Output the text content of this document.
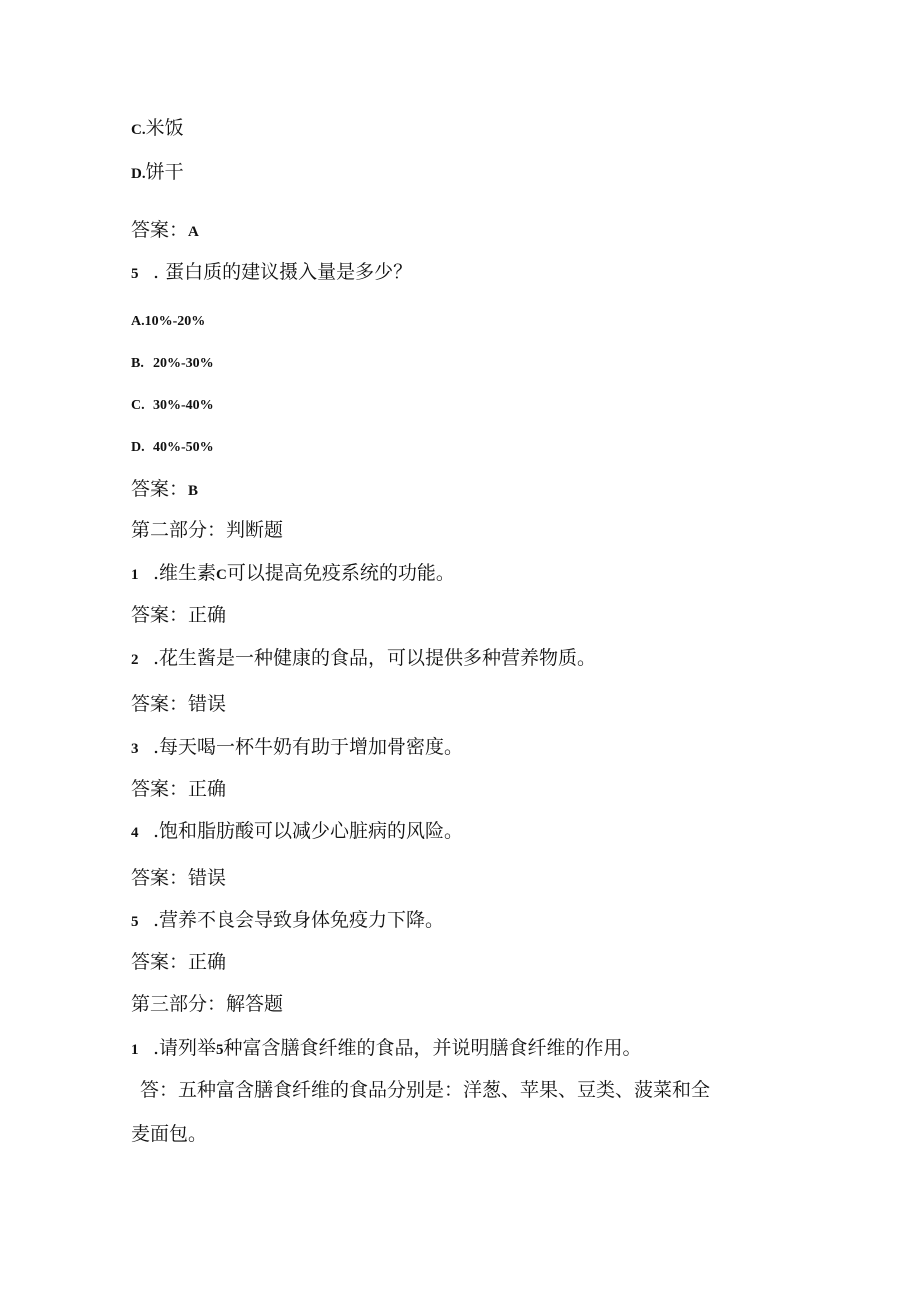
C.米饭
D.饼干
答案：A
5 . 蛋白质的建议摄入量是多少？
A.10%-20%
B. 20%-30%
C. 30%-40%
D. 40%-50%
答案：B
第二部分：判断题
1 .维生素C可以提高免疫系统的功能。
答案：正确
2 .花生酱是一种健康的食品，可以提供多种营养物质。
答案：错误
3 .每天喝一杯牛奶有助于增加骨密度。
答案：正确
4 .饱和脂肪酸可以减少心脏病的风险。
答案：错误
5 .营养不良会导致身体免疫力下降。
答案：正确
第三部分：解答题
1 .请列举5种富含膳食纤维的食品，并说明膳食纤维的作用。
答：五种富含膳食纤维的食品分别是：洋葱、苹果、豆类、菠菜和全
麦面包。
